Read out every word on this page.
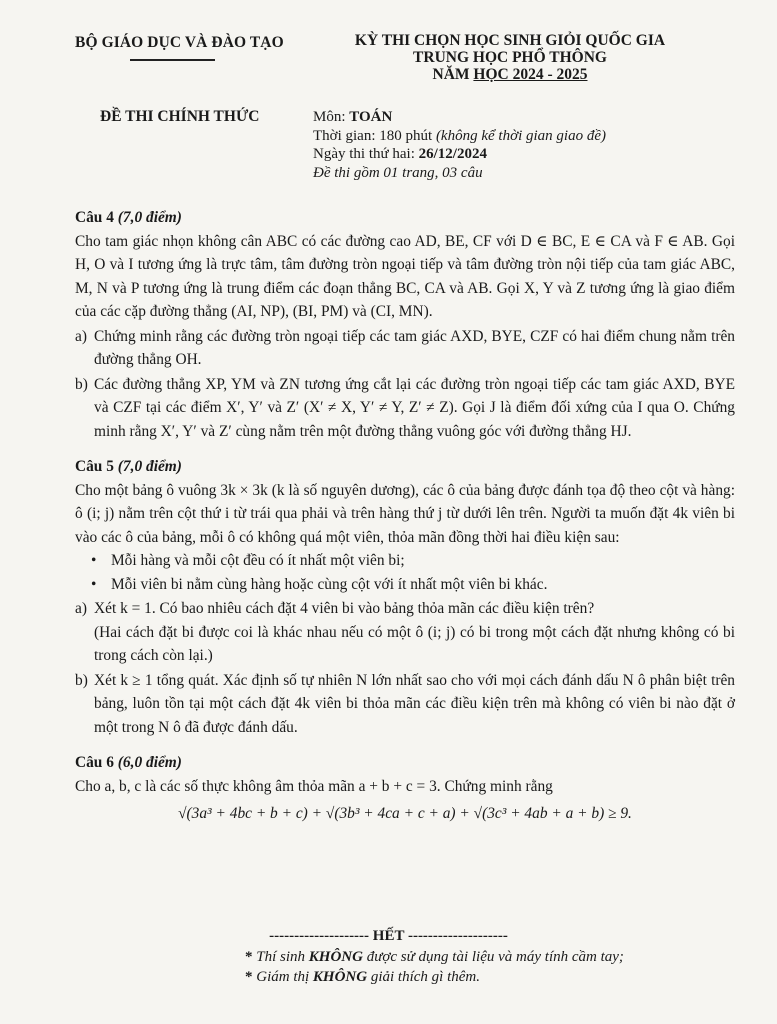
BỘ GIÁO DỤC VÀ ĐÀO TẠO	KỲ THI CHỌN HỌC SINH GIỎI QUỐC GIA
TRUNG HỌC PHỔ THÔNG
NĂM HỌC 2024 - 2025
ĐỀ THI CHÍNH THỨC	Môn: TOÁN
Thời gian: 180 phút (không kể thời gian giao đề)
Ngày thi thứ hai: 26/12/2024
Đề thi gồm 01 trang, 03 câu
Câu 4 (7,0 điểm)

Cho tam giác nhọn không cân ABC có các đường cao AD, BE, CF với D ∈ BC, E ∈ CA và F ∈ AB. Gọi H, O và I tương ứng là trực tâm, tâm đường tròn ngoại tiếp và tâm đường tròn nội tiếp của tam giác ABC, M, N và P tương ứng là trung điểm các đoạn thẳng BC, CA và AB. Gọi X, Y và Z tương ứng là giao điểm của các cặp đường thẳng (AI, NP), (BI, PM) và (CI, MN).

a) Chứng minh rằng các đường tròn ngoại tiếp các tam giác AXD, BYE, CZF có hai điểm chung nằm trên đường thẳng OH.
b) Các đường thẳng XP, YM và ZN tương ứng cắt lại các đường tròn ngoại tiếp các tam giác AXD, BYE và CZF tại các điểm X′, Y′ và Z′ (X′ ≠ X, Y′ ≠ Y, Z′ ≠ Z). Gọi J là điểm đối xứng của I qua O. Chứng minh rằng X′, Y′ và Z′ cùng nằm trên một đường thẳng vuông góc với đường thẳng HJ.
Câu 5 (7,0 điểm)

Cho một bảng ô vuông 3k × 3k (k là số nguyên dương), các ô của bảng được đánh tọa độ theo cột và hàng: ô (i; j) nằm trên cột thứ i từ trái qua phải và trên hàng thứ j từ dưới lên trên. Người ta muốn đặt 4k viên bi vào các ô của bảng, mỗi ô có không quá một viên, thỏa mãn đồng thời hai điều kiện sau:

• Mỗi hàng và mỗi cột đều có ít nhất một viên bi;
• Mỗi viên bi nằm cùng hàng hoặc cùng cột với ít nhất một viên bi khác.
a) Xét k = 1. Có bao nhiêu cách đặt 4 viên bi vào bảng thỏa mãn các điều kiện trên?
(Hai cách đặt bi được coi là khác nhau nếu có một ô (i; j) có bi trong một cách đặt nhưng không có bi trong cách còn lại.)
b) Xét k ≥ 1 tổng quát. Xác định số tự nhiên N lớn nhất sao cho với mọi cách đánh dấu N ô phân biệt trên bảng, luôn tồn tại một cách đặt 4k viên bi thỏa mãn các điều kiện trên mà không có viên bi nào đặt ở một trong N ô đã được đánh dấu.
Câu 6 (6,0 điểm)

Cho a, b, c là các số thực không âm thỏa mãn a + b + c = 3. Chứng minh rằng

√(3a³ + 4bc + b + c) + √(3b³ + 4ca + c + a) + √(3c³ + 4ab + a + b) ≥ 9.
-------------------- HẾT --------------------
* Thí sinh KHÔNG được sử dụng tài liệu và máy tính cầm tay;
* Giám thị KHÔNG giải thích gì thêm.
